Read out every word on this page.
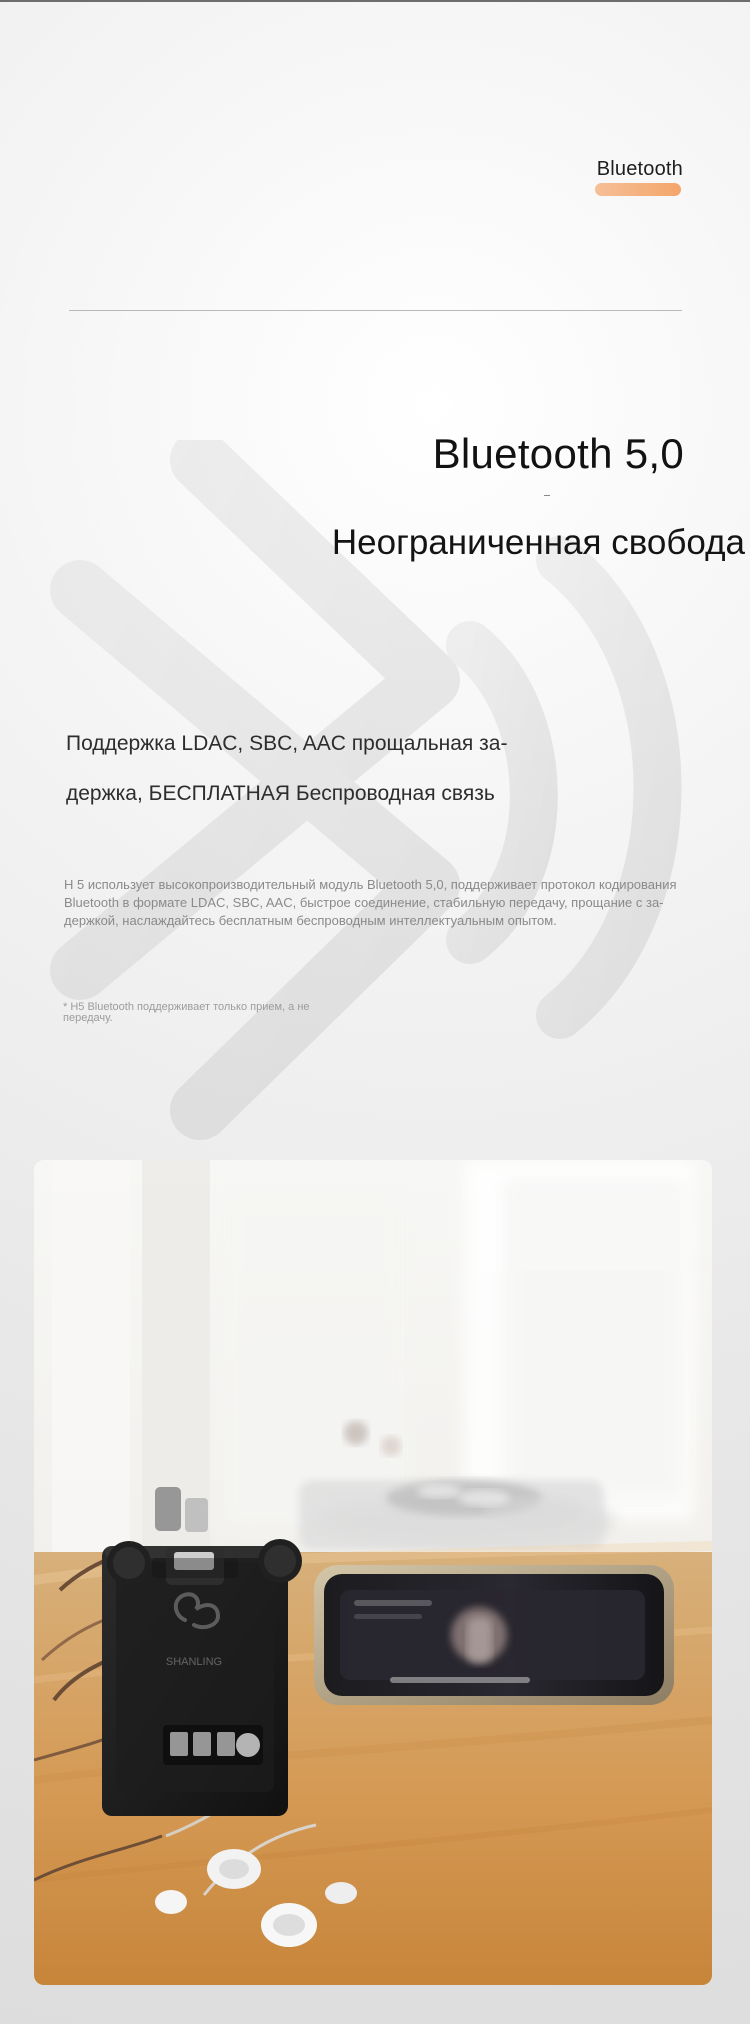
Bluetooth
Bluetooth 5,0
Неограниченная свобода
Поддержка LDAC, SBC, AAC прощальная за-
держка, БЕСПЛАТНАЯ Беспроводная связь
H 5 использует высокопроизводительный модуль Bluetooth 5,0, поддерживает протокол кодирования
Bluetooth в формате LDAC, SBC, AAC, быстрое соединение, стабильную передачу, прощание с за-
держкой, наслаждайтесь бесплатным беспроводным интеллектуальным опытом.
* H5 Bluetooth поддерживает только прием, а не
передачу.
SHANLING
